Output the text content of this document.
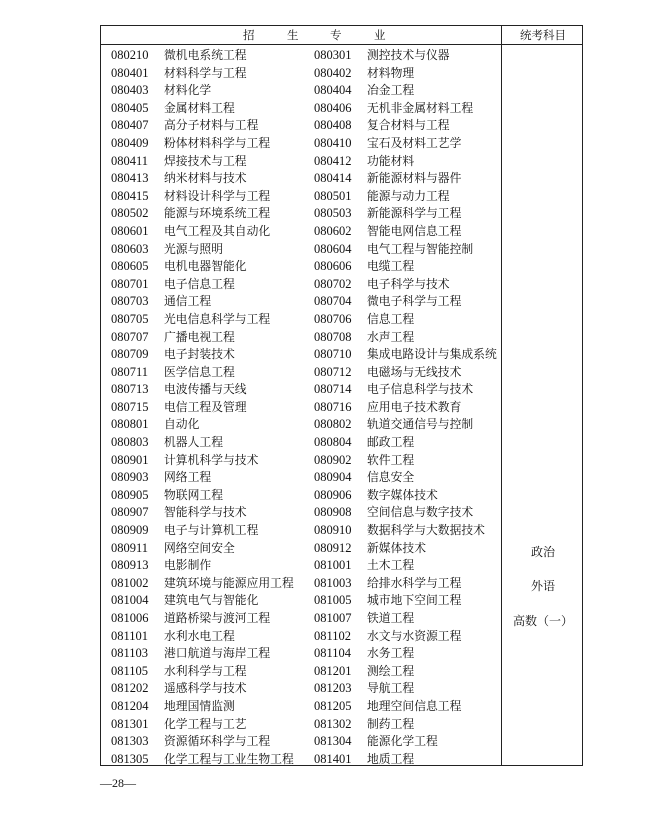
招	生	专	业	统考科目
080210 微机电系统工程	080301 测控技术与仪器
080401 材料科学与工程	080402 材料物理
080403 材料化学	080404 冶金工程
080405 金属材料工程	080406 无机非金属材料工程
080407 高分子材料与工程	080408 复合材料与工程
080409 粉体材料科学与工程	080410 宝石及材料工艺学
080411 焊接技术与工程	080412 功能材料
080413 纳米材料与技术	080414 新能源材料与器件
080415 材料设计科学与工程	080501 能源与动力工程
080502 能源与环境系统工程	080503 新能源科学与工程
080601 电气工程及其自动化	080602 智能电网信息工程
080603 光源与照明	080604 电气工程与智能控制
080605 电机电器智能化	080606 电缆工程
080701 电子信息工程	080702 电子科学与技术
080703 通信工程	080704 微电子科学与工程
080705 光电信息科学与工程	080706 信息工程
080707 广播电视工程	080708 水声工程
080709 电子封装技术	080710 集成电路设计与集成系统
080711 医学信息工程	080712 电磁场与无线技术
080713 电波传播与天线	080714 电子信息科学与技术
080715 电信工程及管理	080716 应用电子技术教育
080801 自动化	080802 轨道交通信号与控制
080803 机器人工程	080804 邮政工程
080901 计算机科学与技术	080902 软件工程
080903 网络工程	080904 信息安全
080905 物联网工程	080906 数字媒体技术
080907 智能科学与技术	080908 空间信息与数字技术
080909 电子与计算机工程	080910 数据科学与大数据技术
080911 网络空间安全	080912 新媒体技术
080913 电影制作	081001 土木工程
081002 建筑环境与能源应用工程 081003 给排水科学与工程
081004 建筑电气与智能化	081005 城市地下空间工程
081006 道路桥梁与渡河工程	081007 铁道工程
081101 水利水电工程	081102 水文与水资源工程
081103 港口航道与海岸工程	081104 水务工程
081105 水利科学与工程	081201 测绘工程
081202 遥感科学与技术	081203 导航工程
081204 地理国情监测	081205 地理空间信息工程
081301 化学工程与工艺	081302 制药工程
081303 资源循环科学与工程	081304 能源化学工程
081305 化学工程与工业生物工程 081401 地质工程
政治
外语
高数（一）
—28—
